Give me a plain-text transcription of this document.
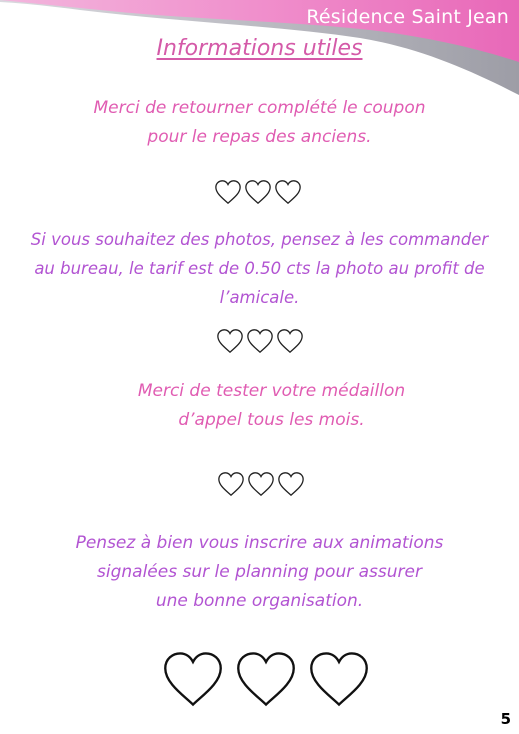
Résidence Saint Jean
Informations utiles
Merci de retourner complété le coupon
pour le repas des anciens.
Si vous souhaitez des photos, pensez à les commander
au bureau, le tarif est de 0.50 cts la photo au profit de
l’amicale.
Merci de tester votre médaillon
d’appel tous les mois.
Pensez à bien vous inscrire aux animations
signalées sur le planning pour assurer
une bonne organisation.
5
